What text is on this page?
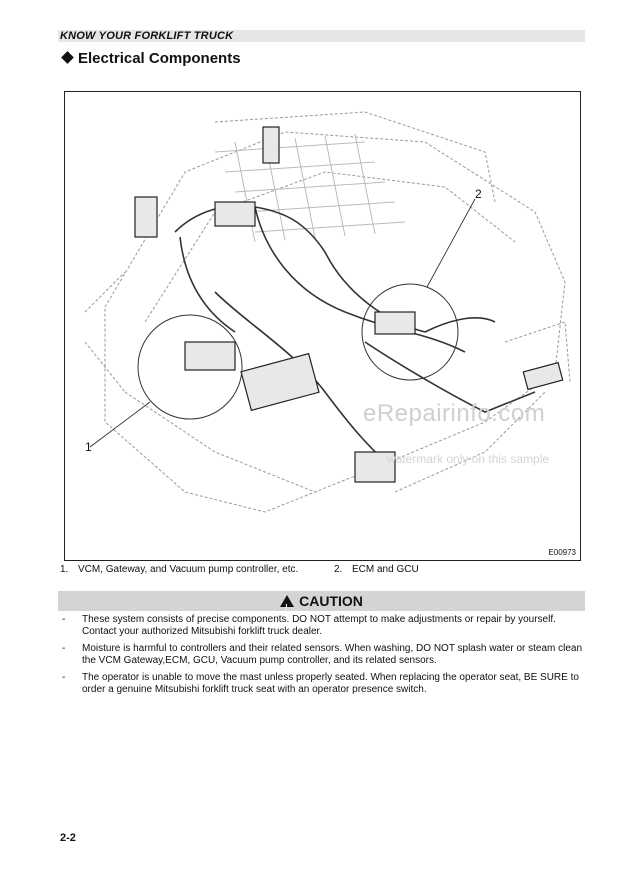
KNOW YOUR FORKLIFT TRUCK
Electrical Components
1
2
eRepairinfo.com
watermark only on this sample
E00973
1. VCM, Gateway, and Vacuum pump controller, etc.	2. ECM and GCU
!CAUTION
- These system consists of precise components. DO NOT attempt to make adjustments or repair by yourself. Contact your authorized Mitsubishi forklift truck dealer.
- Moisture is harmful to controllers and their related sensors. When washing, DO NOT splash water or steam clean the VCM Gateway,ECM, GCU, Vacuum pump controller, and its related sensors.
- The operator is unable to move the mast unless properly seated. When replacing the operator seat, BE SURE to order a genuine Mitsubishi forklift truck seat with an operator presence switch.
2-2
